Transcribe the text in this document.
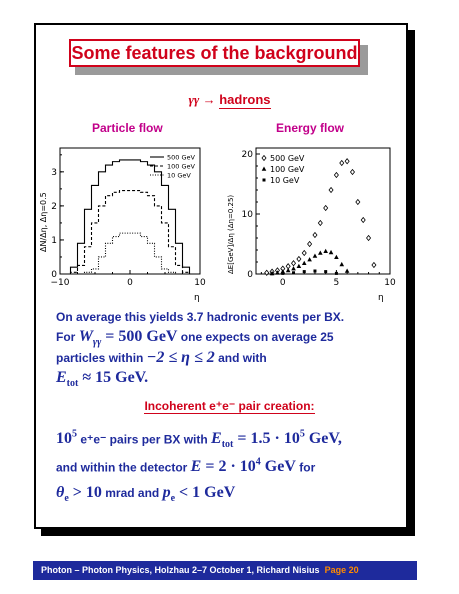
Some features of the background
γγ → hadrons
Particle flow	Energy flow
−10	0	10
0
1
2
3
500 GeV
100 GeV
10 GeV
ΔN/Δη, Δη=0.5
η
0	5	10
0
10
20 500 GeV
100 GeV
10 GeV
ΔE[GeV]/Δη (Δη=0.25)
η
On average this yields 3.7 hadronic events per BX.
For $W_{\gamma\gamma} = 500$ GeV one expects on average 25
particles within −2 ≤ η ≤ 2 and with
$E_{tot} \approx 15$ GeV.
Incoherent e⁺e⁻ pair creation:
$10^5$ e⁺e⁻ pairs per BX with $E_{tot} = 1.5 \cdot 10^5$ GeV,
and within the detector $E = 2 \cdot 10^4$ GeV for
$\theta_e > 10$ mrad and $p_e < 1$ GeV
Photon – Photon Physics, Holzhau 2–7 October 1, Richard Nisius Page 20
